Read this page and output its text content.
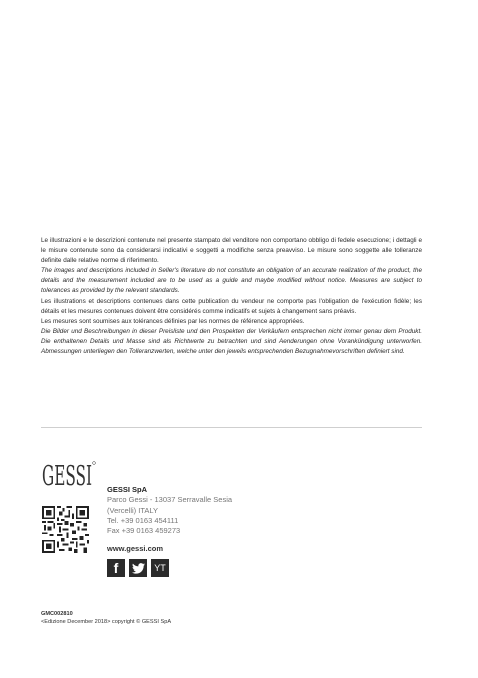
Le illustrazioni e le descrizioni contenute nel presente stampato del venditore non comportano obbligo di fedele esecuzione; i dettagli e le misure contenute sono da considerarsi indicativi e soggetti a modifiche senza preavviso. Le misure sono soggette alle tolleranze definite dalle relative norme di riferimento.

The images and descriptions included in Seller's literature do not constitute an obligation of an accurate realization of the product, the details and the measurement included are to be used as a guide and maybe modified without notice. Measures are subject to tolerances as provided by the relevant standards.

Les illustrations et descriptions contenues dans cette publication du vendeur ne comporte pas l'obligation de l'exécution fidèle; les détails et les mesures contenues doivent être considérés comme indicatifs et sujets à changement sans préavis.

Les mesures sont soumises aux tolérances définies par les normes de référence appropriées.

Die Bilder und Beschreibungen in dieser Preisliste und den Prospekten der Verkäufern entsprechen nicht immer genau dem Produkt. Die enthaltenen Details und Masse sind als Richtwerte zu betrachten und sind Aenderungen ohne Vorankündigung unterworfen. Abmessungen unterliegen den Tolleranzwerten, welche unter den jeweils entsprechenden Bezugnahmevorschriften definiert sind.

GESSI GESSI SpA
Parco Gessi - 13037 Serravalle Sesia
(Vercelli) ITALY
Tel. +39 0163 454111
Fax +39 0163 459273
www.gessi.com
f	YT
GMC002810
<Edizione December 2018> copyright © GESSI SpA
